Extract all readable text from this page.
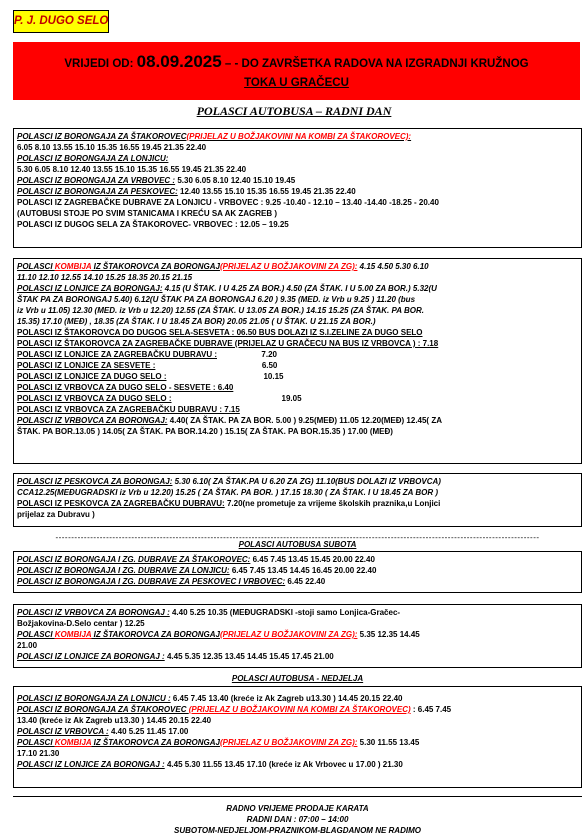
P. J. DUGO SELO
VRIJEDI OD: 08.09.2025 – - DO ZAVRŠETKA RADOVA NA IZGRADNJI KRUŽNOG
TOKA U GRAČECU
POLASCI AUTOBUSA – RADNI DAN
POLASCI IZ BORONGAJA ZA ŠTAKOROVEC(PRIJELAZ U BOŽJAKOVINI NA KOMBI ZA ŠTAKOROVEC):
6.05 8.10 13.55 15.10 15.35 16.55 19.45 21.35 22.40
POLASCI IZ BORONGAJA ZA LONJICU:
5.30 6.05 8.10 12.40 13.55 15.10 15.35 16.55 19.45 21.35 22.40
POLASCI IZ BORONGAJA ZA VRBOVEC : 5.30 6.05 8.10 12.40 15.10 19.45
POLASCI IZ BORONGAJA ZA PESKOVEC: 12.40 13.55 15.10 15.35 16.55 19.45 21.35 22.40
POLASCI IZ ZAGREBAČKE DUBRAVE ZA LONJICU - VRBOVEC : 9.25 -10.40 - 12.10 – 13.40 -14.40 -18.25 - 20.40
(AUTOBUSI STOJE PO SVIM STANICAMA I KREĆU SA AK ZAGREB )
POLASCI IZ DUGOG SELA ZA ŠTAKOROVEC- VRBOVEC : 12.05 – 19.25
POLASCI KOMBIJA IZ ŠTAKOROVCA ZA BORONGAJ(PRIJELAZ U BOŽJAKOVINI ZA ZG): 4.15 4.50 5.30 6.10
11.10 12.10 12.55 14.10 15.25 18.35 20.15 21.15
POLASCI IZ LONJICE ZA BORONGAJ: 4.15 (U ŠTAK. I U 4.25 ZA BOR.) 4.50 (ZA ŠTAK. I U 5.00 ZA BOR.) 5.32(U
ŠTAK PA ZA BORONGAJ 5.40) 6.12(U ŠTAK PA ZA BORONGAJ 6.20 ) 9.35 (MED. iz Vrb u 9.25 ) 11.20 (bus
iz Vrb u 11.05) 12.30 (MED. iz Vrb u 12.20) 12.55 (ZA ŠTAK. U 13.05 ZA BOR.) 14.15 15.25 (ZA ŠTAK. PA BOR.
15.35) 17.10 (MEĐ) , 18.35 (ZA ŠTAK. I U 18.45 ZA BOR) 20.05 21.05 ( U ŠTAK. U 21.15 ZA BOR.)
POLASCI IZ ŠTAKOROVCA DO DUGOG SELA-SESVETA : 06.50 BUS DOLAZI IZ S.I.ZELINE ZA DUGO SELO
POLASCI IZ ŠTAKOROVCA ZA ZAGREBAČKE DUBRAVE (PRIJELAZ U GRAČECU NA BUS IZ VRBOVCA ) : 7.18
POLASCI IZ LONJICE ZA ZAGREBAČKU DUBRAVU :	7.20
POLASCI IZ LONJICE ZA SESVETE :	6.50
POLASCI IZ LONJICE ZA DUGO SELO :	10.15
POLASCI IZ VRBOVCA ZA DUGO SELO - SESVETE : 6.40
POLASCI IZ VRBOVCA ZA DUGO SELO :	19.05
POLASCI IZ VRBOVCA ZA ZAGREBAČKU DUBRAVU : 7.15
POLASCI IZ VRBOVCA ZA BORONGAJ: 4.40( ZA ŠTAK. PA ZA BOR. 5.00 ) 9.25(MEĐ) 11.05 12.20(MEĐ) 12.45( ZA
ŠTAK. PA BOR.13.05 ) 14.05( ZA ŠTAK. PA BOR.14.20 ) 15.15( ZA ŠTAK. PA BOR.15.35 ) 17.00 (MEĐ)
POLASCI IZ PESKOVCA ZA BORONGAJ: 5.30 6.10( ZA ŠTAK.PA U 6.20 ZA ZG) 11.10(BUS DOLAZI IZ VRBOVCA)
CCA12.25(MEĐUGRADSKI iz Vrb u 12.20) 15.25 ( ZA ŠTAK. PA BOR. ) 17.15 18.30 ( ZA ŠTAK. I U 18.45 ZA BOR )
POLASCI IZ PESKOVCA ZA ZAGREBAČKU DUBRAVU: 7.20(ne prometuje za vrijeme školskih praznika,u Lonjici
prijelaz za Dubravu )
---------------------------------------------------------------------------------------------------------------------------------------------------------
POLASCI AUTOBUSA SUBOTA
POLASCI IZ BORONGAJA I ZG. DUBRAVE ZA ŠTAKOROVEC: 6.45 7.45 13.45 15.45 20.00 22.40
POLASCI IZ BORONGAJA I ZG. DUBRAVE ZA LONJICU: 6.45 7.45 13.45 14.45 16.45 20.00 22.40
POLASCI IZ BORONGAJA I ZG. DUBRAVE ZA PESKOVEC I VRBOVEC: 6.45 22.40
POLASCI IZ VRBOVCA ZA BORONGAJ : 4.40 5.25 10.35 (MEĐUGRADSKI -stoji samo Lonjica-Gračec-
Božjakovina-D.Selo centar ) 12.25
POLASCI KOMBIJA IZ ŠTAKOROVCA ZA BORONGAJ(PRIJELAZ U BOŽJAKOVINI ZA ZG): 5.35 12.35 14.45
21.00
POLASCI IZ LONJICE ZA BORONGAJ : 4.45 5.35 12.35 13.45 14.45 15.45 17.45 21.00
POLASCI AUTOBUSA - NEDJELJA
POLASCI IZ BORONGAJA ZA LONJICU : 6.45 7.45 13.40 (kreće iz Ak Zagreb u13.30 ) 14.45 20.15 22.40
POLASCI IZ BORONGAJA ZA ŠTAKOROVEC (PRIJELAZ U BOŽJAKOVINI NA KOMBI ZA ŠTAKOROVEC) : 6.45 7.45
13.40 (kreće iz Ak Zagreb u13.30 ) 14.45 20.15 22.40
POLASCI IZ VRBOVCA : 4.40 5.25 11.45 17.00
POLASCI KOMBIJA IZ ŠTAKOROVCA ZA BORONGAJ(PRIJELAZ U BOŽJAKOVINI ZA ZG): 5.30 11.55 13.45
17.10 21.30
POLASCI IZ LONJICE ZA BORONGAJ : 4.45 5.30 11.55 13.45 17.10 (kreće iz Ak Vrbovec u 17.00 ) 21.30
RADNO VRIJEME PRODAJE KARATA
RADNI DAN : 07:00 – 14:00
SUBOTOM-NEDJELJOM-PRAZNIKOM-BLAGDANOM NE RADIMO
